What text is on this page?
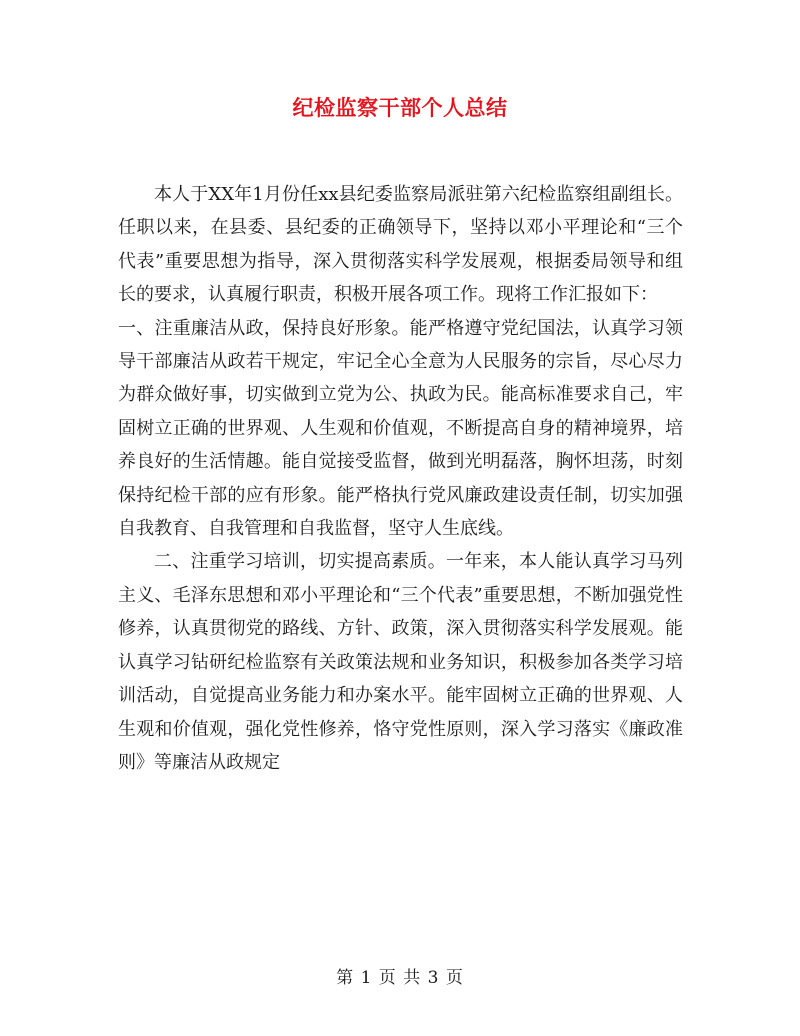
纪检监察干部个人总结

本人于XX年1月份任xx县纪委监察局派驻第六纪检监察组副组长。任职以来，在县委、县纪委的正确领导下，坚持以邓小平理论和“三个代表”重要思想为指导，深入贯彻落实科学发展观，根据委局领导和组长的要求，认真履行职责，积极开展各项工作。现将工作汇报如下：

一、注重廉洁从政，保持良好形象。能严格遵守党纪国法，认真学习领导干部廉洁从政若干规定，牢记全心全意为人民服务的宗旨，尽心尽力为群众做好事，切实做到立党为公、执政为民。能高标准要求自己，牢固树立正确的世界观、人生观和价值观，不断提高自身的精神境界，培养良好的生活情趣。能自觉接受监督，做到光明磊落，胸怀坦荡，时刻保持纪检干部的应有形象。能严格执行党风廉政建设责任制，切实加强自我教育、自我管理和自我监督，坚守人生底线。

二、注重学习培训，切实提高素质。一年来，本人能认真学习马列主义、毛泽东思想和邓小平理论和“三个代表”重要思想，不断加强党性修养，认真贯彻党的路线、方针、政策，深入贯彻落实科学发展观。能认真学习钻研纪检监察有关政策法规和业务知识，积极参加各类学习培训活动，自觉提高业务能力和办案水平。能牢固树立正确的世界观、人生观和价值观，强化党性修养，恪守党性原则，深入学习落实《廉政准则》等廉洁从政规定

第 1 页 共 3 页
